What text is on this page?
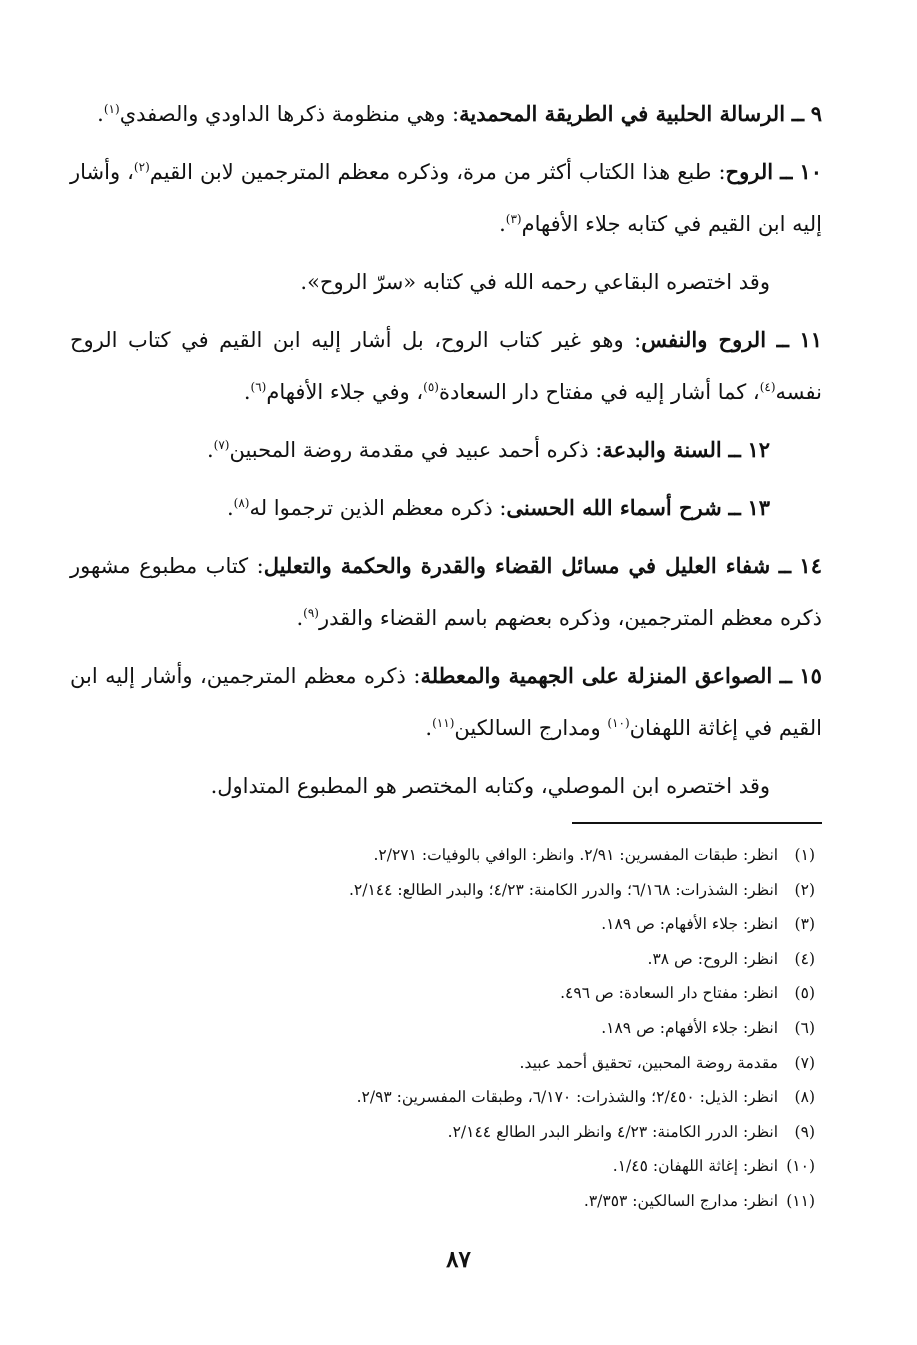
٩ ــ الرسالة الحلبية في الطريقة المحمدية: وهي منظومة ذكرها الداودي والصفدي$^{(١)}$.

١٠ ــ الروح: طبع هذا الكتاب أكثر من مرة، وذكره معظم المترجمين لابن القيم$^{(٢)}$، وأشار إليه ابن القيم في كتابه جلاء الأفهام$^{(٣)}$.

وقد اختصره البقاعي رحمه الله في كتابه «سرّ الروح».

١١ ــ الروح والنفس: وهو غير كتاب الروح، بل أشار إليه ابن القيم في كتاب الروح نفسه$^{(٤)}$، كما أشار إليه في مفتاح دار السعادة$^{(٥)}$، وفي جلاء الأفهام$^{(٦)}$.

١٢ ــ السنة والبدعة: ذكره أحمد عبيد في مقدمة روضة المحبين$^{(٧)}$.

١٣ ــ شرح أسماء الله الحسنى: ذكره معظم الذين ترجموا له$^{(٨)}$.

١٤ ــ شفاء العليل في مسائل القضاء والقدرة والحكمة والتعليل: كتاب مطبوع مشهور ذكره معظم المترجمين، وذكره بعضهم باسم القضاء والقدر$^{(٩)}$.

١٥ ــ الصواعق المنزلة على الجهمية والمعطلة: ذكره معظم المترجمين، وأشار إليه ابن القيم في إغاثة اللهفان$^{(١٠)}$ ومدارج السالكين$^{(١١)}$.

وقد اختصره ابن الموصلي، وكتابه المختصر هو المطبوع المتداول.

(١) انظر: طبقات المفسرين: ٢/٩١. وانظر: الوافي بالوفيات: ٢/٢٧١.
(٢) انظر: الشذرات: ٦/١٦٨؛ والدرر الكامنة: ٤/٢٣؛ والبدر الطالع: ٢/١٤٤.
(٣) انظر: جلاء الأفهام: ص ١٨٩.
(٤) انظر: الروح: ص ٣٨.
(٥) انظر: مفتاح دار السعادة: ص ٤٩٦.
(٦) انظر: جلاء الأفهام: ص ١٨٩.
(٧) مقدمة روضة المحبين، تحقيق أحمد عبيد.
(٨) انظر: الذيل: ٢/٤٥٠؛ والشذرات: ٦/١٧٠، وطبقات المفسرين: ٢/٩٣.
(٩) انظر: الدرر الكامنة: ٤/٢٣ وانظر البدر الطالع ٢/١٤٤.
(١٠) انظر: إغاثة اللهفان: ١/٤٥.
(١١) انظر: مدارج السالكين: ٣/٣٥٣.
٨٧
